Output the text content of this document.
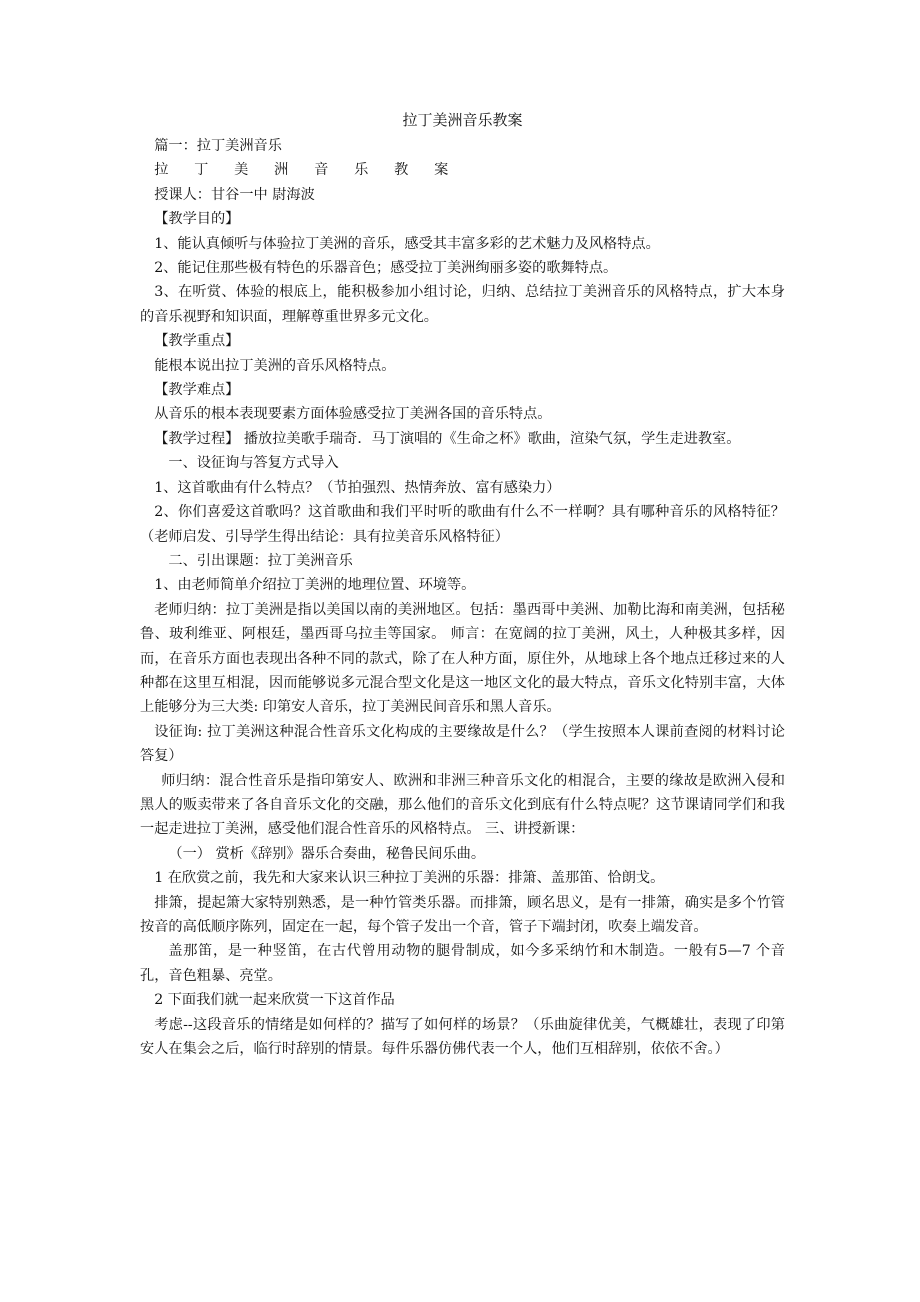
拉丁美洲音乐教案

篇一：拉丁美洲音乐

拉 丁 美 洲 音 乐 教 案

授课人：甘谷一中 尉海波

【教学目的】

1、能认真倾听与体验拉丁美洲的音乐，感受其丰富多彩的艺术魅力及风格特点。

2、能记住那些极有特色的乐器音色；感受拉丁美洲绚丽多姿的歌舞特点。

3、在听赏、体验的根底上，能积极参加小组讨论，归纳、总结拉丁美洲音乐的风格特点，扩大本身的音乐视野和知识面，理解尊重世界多元文化。

【教学重点】

能根本说出拉丁美洲的音乐风格特点。

【教学难点】

从音乐的根本表现要素方面体验感受拉丁美洲各国的音乐特点。

【教学过程】 播放拉美歌手瑞奇．马丁演唱的《生命之杯》歌曲，渲染气氛，学生走进教室。

一、设征询与答复方式导入

1、这首歌曲有什么特点？（节拍强烈、热情奔放、富有感染力）

2、你们喜爱这首歌吗？这首歌曲和我们平时听的歌曲有什么不一样啊？具有哪种音乐的风格特征？（老师启发、引导学生得出结论：具有拉美音乐风格特征）

二、引出课题：拉丁美洲音乐

1、由老师简单介绍拉丁美洲的地理位置、环境等。

老师归纳：拉丁美洲是指以美国以南的美洲地区。包括：墨西哥中美洲、加勒比海和南美洲，包括秘鲁、玻利维亚、阿根廷，墨西哥乌拉圭等国家。 师言：在宽阔的拉丁美洲，风土，人种极其多样，因而，在音乐方面也表现出各种不同的款式，除了在人种方面，原住外，从地球上各个地点迁移过来的人种都在这里互相混，因而能够说多元混合型文化是这一地区文化的最大特点，音乐文化特别丰富，大体上能够分为三大类: 印第安人音乐，拉丁美洲民间音乐和黑人音乐。

设征询: 拉丁美洲这种混合性音乐文化构成的主要缘故是什么？（学生按照本人课前查阅的材料讨论答复）

师归纳：混合性音乐是指印第安人、欧洲和非洲三种音乐文化的相混合，主要的缘故是欧洲入侵和黑人的贩卖带来了各自音乐文化的交融，那么他们的音乐文化到底有什么特点呢？这节课请同学们和我一起走进拉丁美洲，感受他们混合性音乐的风格特点。 三、讲授新课：

（一） 赏析《辞别》器乐合奏曲，秘鲁民间乐曲。

1 在欣赏之前，我先和大家来认识三种拉丁美洲的乐器：排箫、盖那笛、恰朗戈。

排箫，提起箫大家特别熟悉，是一种竹管类乐器。而排箫，顾名思义，是有一排箫，确实是多个竹管按音的高低顺序陈列，固定在一起，每个管子发出一个音，管子下端封闭，吹奏上端发音。

盖那笛，是一种竖笛，在古代曾用动物的腿骨制成，如今多采纳竹和木制造。一般有5—7 个音孔，音色粗暴、亮堂。

2 下面我们就一起来欣赏一下这首作品

考虑--这段音乐的情绪是如何样的？描写了如何样的场景？（乐曲旋律优美，气概雄壮，表现了印第安人在集会之后，临行时辞别的情景。每件乐器仿佛代表一个人，他们互相辞别，依依不舍。）
